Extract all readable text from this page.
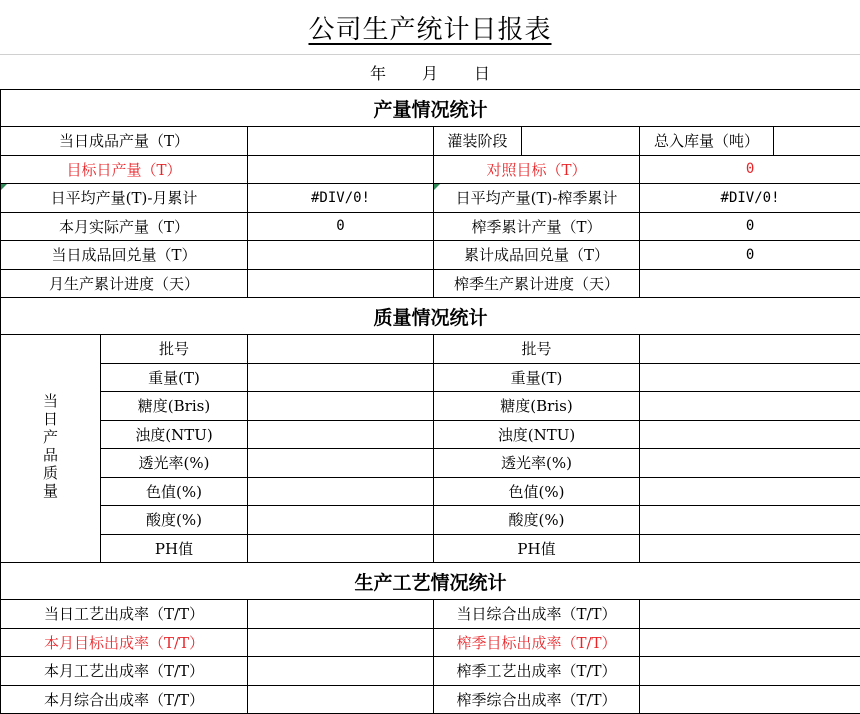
公司生产统计日报表
年 月 日
产量情况统计						
当日成品产量（T）			灌装阶段		总入库量（吨）	
目标日产量（T）			对照目标（T）		0	
日平均产量(T)-月累计		#DIV/0!	日平均产量(T)-榨季累计		#DIV/0!	
本月实际产量（T）		0	榨季累计产量（T）		0	
当日成品回兑量（T）			累计成品回兑量（T）		0	
月生产累计进度（天）			榨季生产累计进度（天）			
质量情况统计						
当日产品质量	批号		批号			
	重量(T)		重量(T)			
	糖度(Bris)		糖度(Bris)			
	浊度(NTU)		浊度(NTU)			
	透光率(%)		透光率(%)			
	色值(%)		色值(%)			
	酸度(%)		酸度(%)			
	PH值		PH值			
生产工艺情况统计						
当日工艺出成率（T/T）			当日综合出成率（T/T）			
本月目标出成率（T/T）			榨季目标出成率（T/T）			
本月工艺出成率（T/T）			榨季工艺出成率（T/T）			
本月综合出成率（T/T）			榨季综合出成率（T/T）			
